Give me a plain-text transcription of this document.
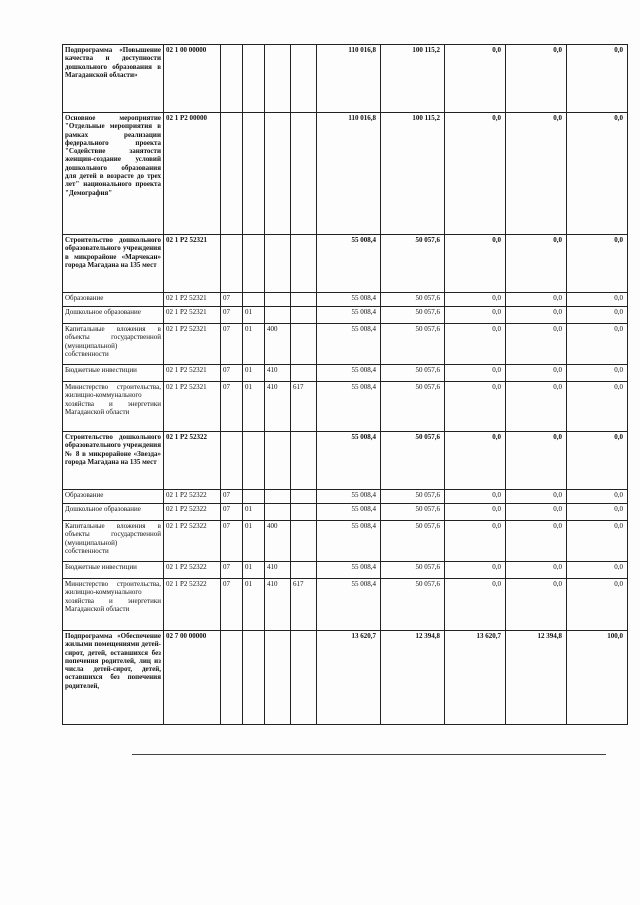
Подпрограмма «Повышение качества и доступности дошкольного образования в Магаданской области»	02 1 00 00000					110 016,8	100 115,2	0,0	0,0	0,0
Основное мероприятие "Отдельные мероприятия в рамках реализации федерального проекта "Содействие занятости женщин-создание условий дошкольного образования для детей в возрасте до трех лет" национального проекта "Демография"	02 1 Р2 00000					110 016,8	100 115,2	0,0	0,0	0,0
Строительство дошкольного образовательного учреждения в микрорайоне «Марчекан» города Магадана на 135 мест	02 1 Р2 52321					55 008,4	50 057,6	0,0	0,0	0,0
Образование	02 1 Р2 52321	07				55 008,4	50 057,6	0,0	0,0	0,0
Дошкольное образование	02 1 Р2 52321	07	01			55 008,4	50 057,6	0,0	0,0	0,0
Капитальные вложения в объекты государственной (муниципальной) собственности	02 1 Р2 52321	07	01	400		55 008,4	50 057,6	0,0	0,0	0,0
Бюджетные инвестиции	02 1 Р2 52321	07	01	410		55 008,4	50 057,6	0,0	0,0	0,0
Министерство строительства, жилищно-коммунального хозяйства и энергетики Магаданской области	02 1 Р2 52321	07	01	410	617	55 008,4	50 057,6	0,0	0,0	0,0
Строительство дошкольного образовательного учреждения № 8 в микрорайоне «Звезда» города Магадана на 135 мест	02 1 Р2 52322					55 008,4	50 057,6	0,0	0,0	0,0
Образование	02 1 Р2 52322	07				55 008,4	50 057,6	0,0	0,0	0,0
Дошкольное образование	02 1 Р2 52322	07	01			55 008,4	50 057,6	0,0	0,0	0,0
Капитальные вложения в объекты государственной (муниципальной) собственности	02 1 Р2 52322	07	01	400		55 008,4	50 057,6	0,0	0,0	0,0
Бюджетные инвестиции	02 1 Р2 52322	07	01	410		55 008,4	50 057,6	0,0	0,0	0,0
Министерство строительства, жилищно-коммунального хозяйства и энергетики Магаданской области	02 1 Р2 52322	07	01	410	617	55 008,4	50 057,6	0,0	0,0	0,0
Подпрограмма «Обеспечение жилыми помещениями детей-сирот, детей, оставшихся без попечения родителей, лиц из числа детей-сирот, детей, оставшихся без попечения родителей,	02 7 00 00000					13 620,7	12 394,8	13 620,7	12 394,8	100,0
